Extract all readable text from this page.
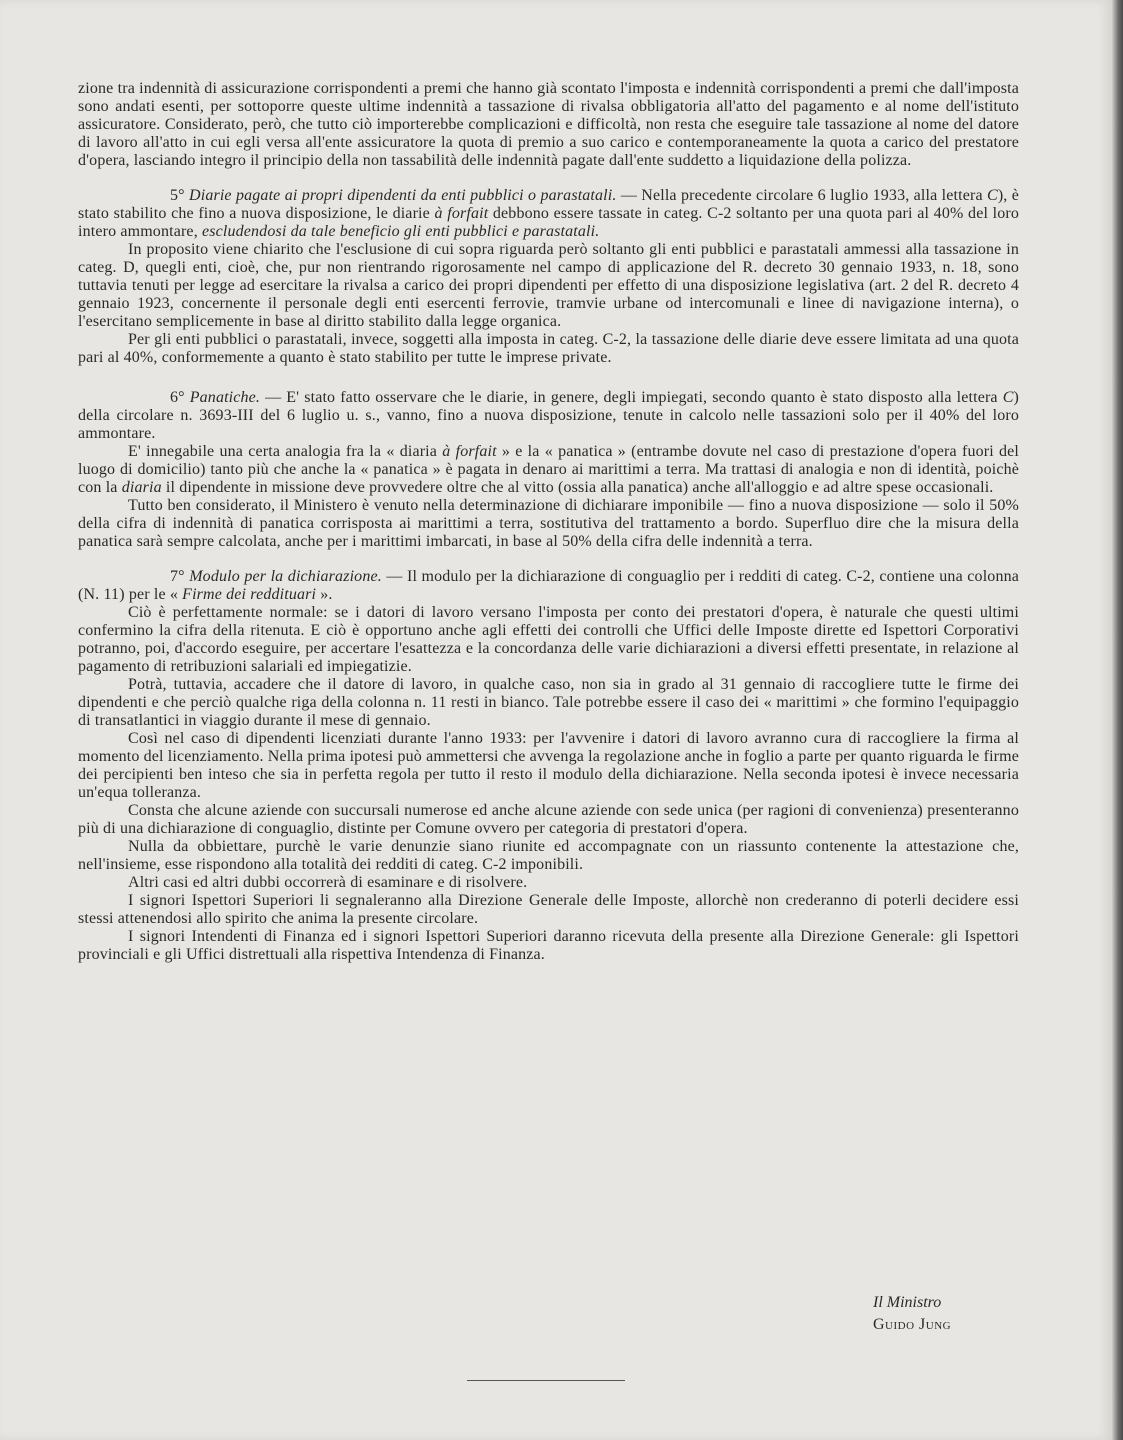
zione tra indennità di assicurazione corrispondenti a premi che hanno già scontato l'imposta e indennità corrispondenti a premi che dall'imposta sono andati esenti, per sottoporre queste ultime indennità a tassazione di rivalsa obbligatoria all'atto del pagamento e al nome dell'istituto assicuratore. Considerato, però, che tutto ciò importerebbe complicazioni e difficoltà, non resta che eseguire tale tassazione al nome del datore di lavoro all'atto in cui egli versa all'ente assicuratore la quota di premio a suo carico e contemporaneamente la quota a carico del prestatore d'opera, lasciando integro il principio della non tassabilità delle indennità pagate dall'ente suddetto a liquidazione della polizza.

5° Diarie pagate ai propri dipendenti da enti pubblici o parastatali. — Nella precedente circolare 6 luglio 1933, alla lettera C), è stato stabilito che fino a nuova disposizione, le diarie à forfait debbono essere tassate in categ. C-2 soltanto per una quota pari al 40% del loro intero ammontare, escludendosi da tale beneficio gli enti pubblici e parastatali.

In proposito viene chiarito che l'esclusione di cui sopra riguarda però soltanto gli enti pubblici e parastatali ammessi alla tassazione in categ. D, quegli enti, cioè, che, pur non rientrando rigorosamente nel campo di applicazione del R. decreto 30 gennaio 1933, n. 18, sono tuttavia tenuti per legge ad esercitare la rivalsa a carico dei propri dipendenti per effetto di una disposizione legislativa (art. 2 del R. decreto 4 gennaio 1923, concernente il personale degli enti esercenti ferrovie, tramvie urbane od intercomunali e linee di navigazione interna), o l'esercitano semplicemente in base al diritto stabilito dalla legge organica.

Per gli enti pubblici o parastatali, invece, soggetti alla imposta in categ. C-2, la tassazione delle diarie deve essere limitata ad una quota pari al 40%, conformemente a quanto è stato stabilito per tutte le imprese private.

6° Panatiche. — E' stato fatto osservare che le diarie, in genere, degli impiegati, secondo quanto è stato disposto alla lettera C) della circolare n. 3693-III del 6 luglio u. s., vanno, fino a nuova disposizione, tenute in calcolo nelle tassazioni solo per il 40% del loro ammontare.

E' innegabile una certa analogia fra la « diaria à forfait » e la « panatica » (entrambe dovute nel caso di prestazione d'opera fuori del luogo di domicilio) tanto più che anche la « panatica » è pagata in denaro ai marittimi a terra. Ma trattasi di analogia e non di identità, poichè con la diaria il dipendente in missione deve provvedere oltre che al vitto (ossia alla panatica) anche all'alloggio e ad altre spese occasionali.

Tutto ben considerato, il Ministero è venuto nella determinazione di dichiarare imponibile — fino a nuova disposizione — solo il 50% della cifra di indennità di panatica corrisposta ai marittimi a terra, sostitutiva del trattamento a bordo. Superfluo dire che la misura della panatica sarà sempre calcolata, anche per i marittimi imbarcati, in base al 50% della cifra delle indennità a terra.

7° Modulo per la dichiarazione. — Il modulo per la dichiarazione di conguaglio per i redditi di categ. C-2, contiene una colonna (N. 11) per le « Firme dei reddituari ».

Ciò è perfettamente normale: se i datori di lavoro versano l'imposta per conto dei prestatori d'opera, è naturale che questi ultimi confermino la cifra della ritenuta. E ciò è opportuno anche agli effetti dei controlli che Uffici delle Imposte dirette ed Ispettori Corporativi potranno, poi, d'accordo eseguire, per accertare l'esattezza e la concordanza delle varie dichiarazioni a diversi effetti presentate, in relazione al pagamento di retribuzioni salariali ed impiegatizie.

Potrà, tuttavia, accadere che il datore di lavoro, in qualche caso, non sia in grado al 31 gennaio di raccogliere tutte le firme dei dipendenti e che perciò qualche riga della colonna n. 11 resti in bianco. Tale potrebbe essere il caso dei « marittimi » che formino l'equipaggio di transatlantici in viaggio durante il mese di gennaio.

Così nel caso di dipendenti licenziati durante l'anno 1933: per l'avvenire i datori di lavoro avranno cura di raccogliere la firma al momento del licenziamento. Nella prima ipotesi può ammettersi che avvenga la regolazione anche in foglio a parte per quanto riguarda le firme dei percipienti ben inteso che sia in perfetta regola per tutto il resto il modulo della dichiarazione. Nella seconda ipotesi è invece necessaria un'equa tolleranza.

Consta che alcune aziende con succursali numerose ed anche alcune aziende con sede unica (per ragioni di convenienza) presenteranno più di una dichiarazione di conguaglio, distinte per Comune ovvero per categoria di prestatori d'opera.

Nulla da obbiettare, purchè le varie denunzie siano riunite ed accompagnate con un riassunto contenente la attestazione che, nell'insieme, esse rispondono alla totalità dei redditi di categ. C-2 imponibili.

Altri casi ed altri dubbi occorrerà di esaminare e di risolvere.

I signori Ispettori Superiori li segnaleranno alla Direzione Generale delle Imposte, allorchè non crederanno di poterli decidere essi stessi attenendosi allo spirito che anima la presente circolare.

I signori Intendenti di Finanza ed i signori Ispettori Superiori daranno ricevuta della presente alla Direzione Generale: gli Ispettori provinciali e gli Uffici distrettuali alla rispettiva Intendenza di Finanza.

Il Ministro
Guido Jung
